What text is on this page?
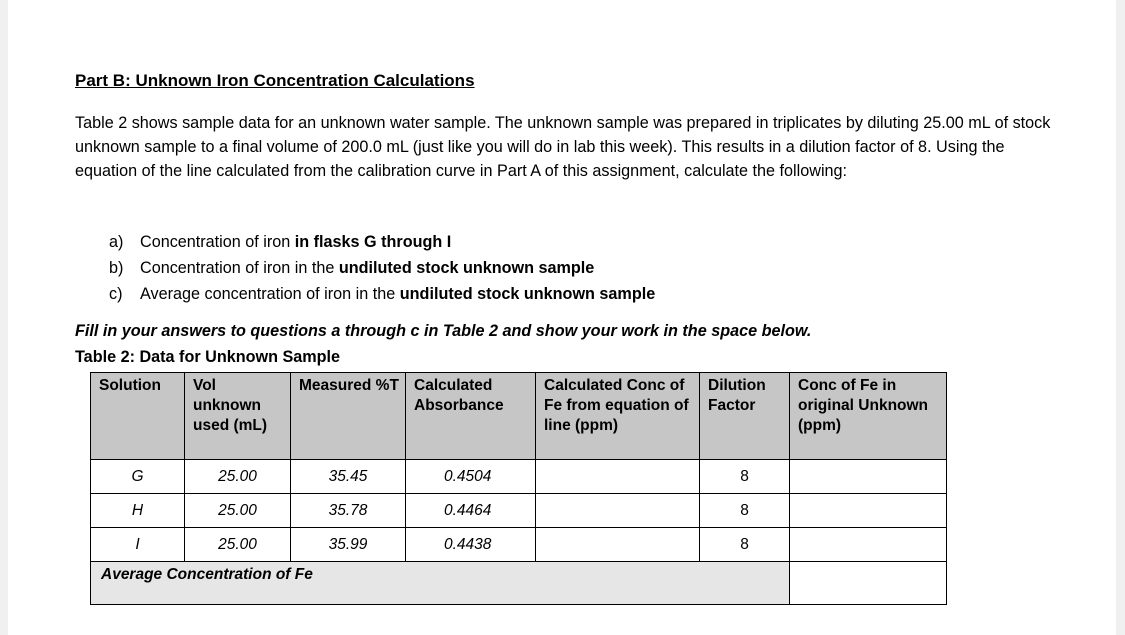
Part B: Unknown Iron Concentration Calculations
Table 2 shows sample data for an unknown water sample. The unknown sample was prepared in triplicates by diluting 25.00 mL of stock unknown sample to a final volume of 200.0 mL (just like you will do in lab this week). This results in a dilution factor of 8. Using the equation of the line calculated from the calibration curve in Part A of this assignment, calculate the following:
a) Concentration of iron in flasks G through I
b) Concentration of iron in the undiluted stock unknown sample
c) Average concentration of iron in the undiluted stock unknown sample
Fill in your answers to questions a through c in Table 2 and show your work in the space below.
Table 2: Data for Unknown Sample
Solution	Vol unknown used (mL)	Measured %T	Calculated Absorbance	Calculated Conc of Fe from equation of line (ppm)	Dilution Factor	Conc of Fe in original Unknown (ppm)
G	25.00	35.45	0.4504		8	
H	25.00	35.78	0.4464		8	
I	25.00	35.99	0.4438		8	
Average Concentration of Fe						
